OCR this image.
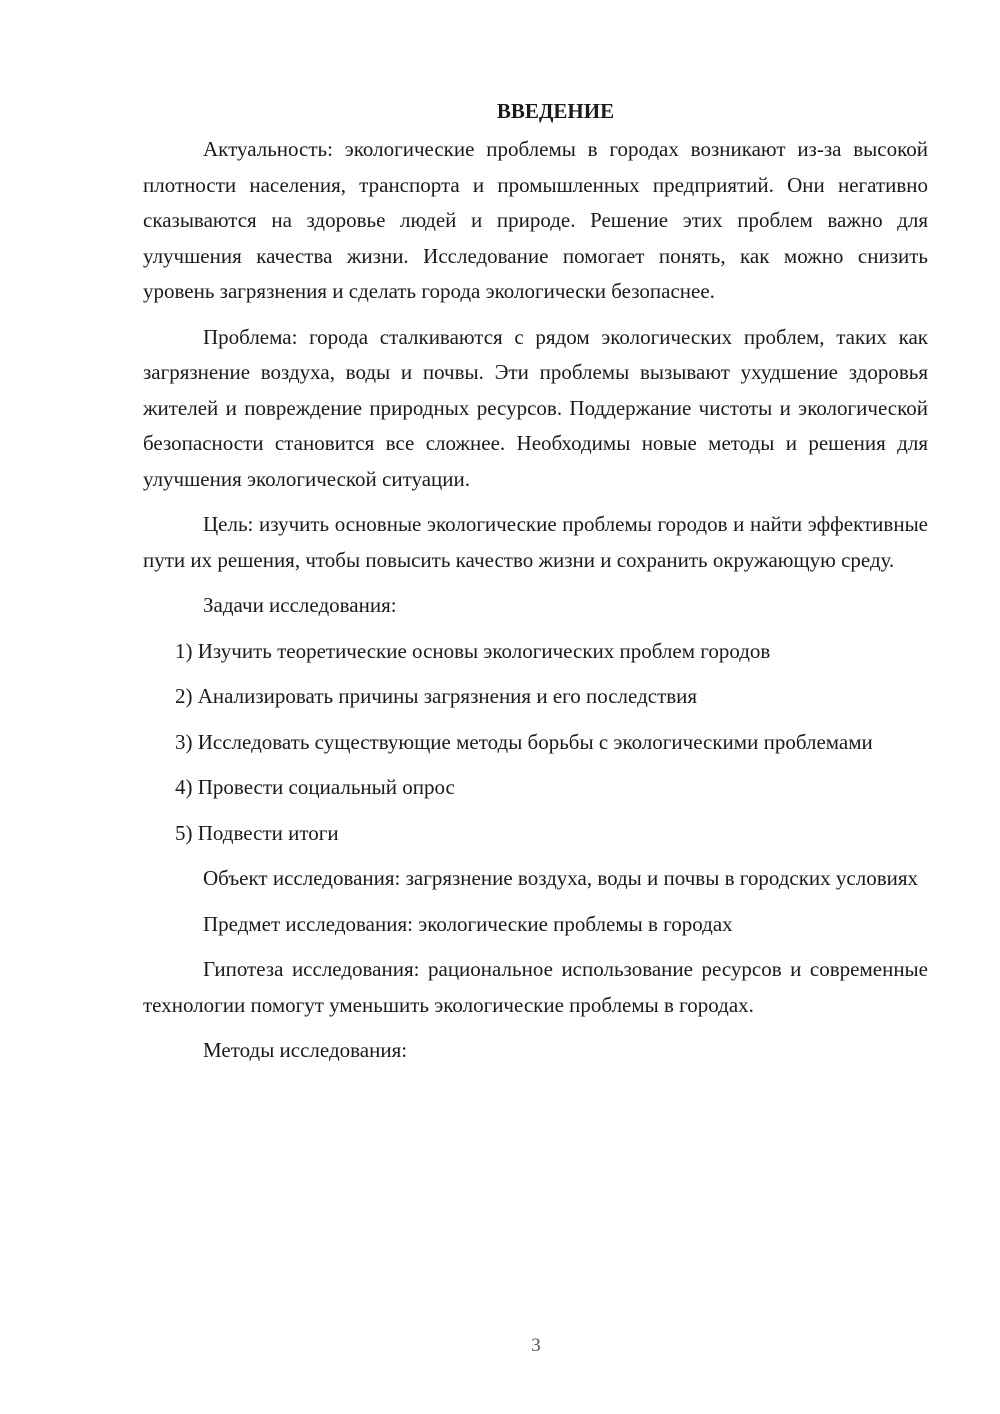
ВВЕДЕНИЕ

Актуальность: экологические проблемы в городах возникают из-за высокой плотности населения, транспорта и промышленных предприятий. Они негативно сказываются на здоровье людей и природе. Решение этих проблем важно для улучшения качества жизни. Исследование помогает понять, как можно снизить уровень загрязнения и сделать города экологически безопаснее.

Проблема: города сталкиваются с рядом экологических проблем, таких как загрязнение воздуха, воды и почвы. Эти проблемы вызывают ухудшение здоровья жителей и повреждение природных ресурсов. Поддержание чистоты и экологической безопасности становится все сложнее. Необходимы новые методы и решения для улучшения экологической ситуации.

Цель: изучить основные экологические проблемы городов и найти эффективные пути их решения, чтобы повысить качество жизни и сохранить окружающую среду.

Задачи исследования:

1) Изучить теоретические основы экологических проблем городов

2) Анализировать причины загрязнения и его последствия

3) Исследовать существующие методы борьбы с экологическими проблемами

4) Провести социальный опрос

5) Подвести итоги

Объект исследования: загрязнение воздуха, воды и почвы в городских условиях

Предмет исследования: экологические проблемы в городах

Гипотеза исследования: рациональное использование ресурсов и современные технологии помогут уменьшить экологические проблемы в городах.

Методы исследования:

3
